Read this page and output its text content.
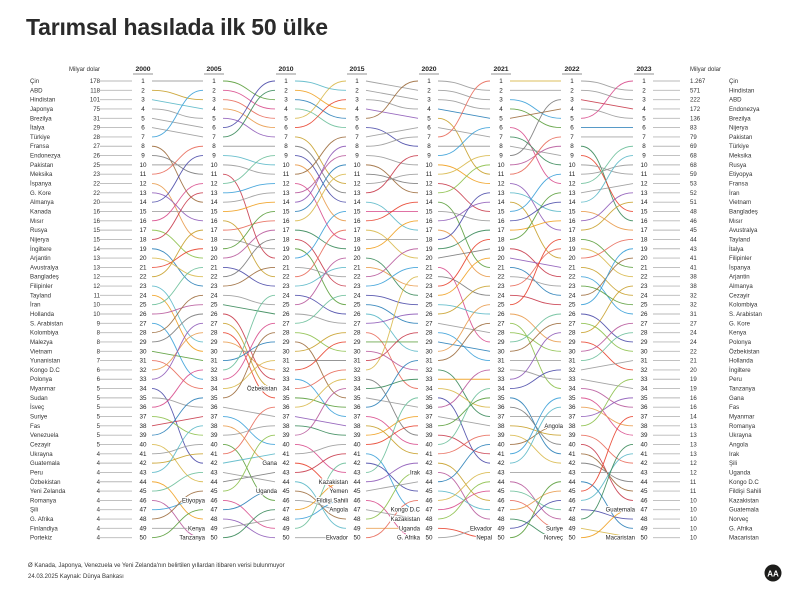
Tarımsal hasılada ilk 50 ülke
2000	2005	2010	2015	2020	2021	2022	2023
Milyar dolar	Milyar dolar
1
2
3
4
5
6
7
8
9
10
11
12
13
14
15
16
17
18
19
20
21
22
23
24
25
26
27
28
29
30
31
32
33
34
35
36
37
38
39
40
41
42
43
44
45
46
47
48
49
50
1
2
3
4
5
6
7
8
9
10
11
12
13
14
15
16
17
18
19
20
21
22
23
24
25
26
27
28
29
30
31
32
33
34
35
36
37
38
39
40
41
42
43
44
45
46
47
48
49
50
1
2
3
4
5
6
7
8
9
10
11
12
13
14
15
16
17
18
19
20
21
22
23
24
25
26
27
28
29
30
31
32
33
34
35
36
37
38
39
40
41
42
43
44
45
46
47
48
49
50
1
2
3
4
5
6
7
8
9
10
11
12
13
14
15
16
17
18
19
20
21
22
23
24
25
26
27
28
29
30
31
32
33
34
35
36
37
38
39
40
41
42
43
44
45
46
47
48
49
50
1
2
3
4
5
6
7
8
9
10
11
12
13
14
15
16
17
18
19
20
21
22
23
24
25
26
27
28
29
30
31
32
33
34
35
36
37
38
39
40
41
42
43
44
45
46
47
48
49
50
1
2
3
4
5
6
7
8
9
10
11
12
13
14
15
16
17
18
19
20
21
22
23
24
25
26
27
28
29
30
31
32
33
34
35
36
37
38
39
40
41
42
43
44
45
46
47
48
49
50
1
2
3
4
5
6
7
8
9
10
11
12
13
14
15
16
17
18
19
20
21
22
23
24
25
26
27
28
29
30
31
32
33
34
35
36
37
38
39
40
41
42
43
44
45
46
47
48
49
50
1
2
3
4
5
6
7
8
9
10
11
12
13
14
15
16
17
18
19
20
21
22
23
24
25
26
27
28
29
30
31
32
33
34
35
36
37
38
39
40
41
42
43
44
45
46
47
48
49
50
Çin	178
ABD	118
Hindistan	101
Japonya	75
Brezilya	31
İtalya	29
Türkiye	28
Fransa	27
Endonezya	26
Pakistan	25
Meksika	23
İspanya	22
G. Kore	22
Almanya	20
Kanada	16
Mısır	16
Rusya	15
Nijerya	15
İngiltere	14
Arjantin	13
Avustralya	13
Bangladeş	12
Filipinler	12
Tayland	11
İran	10
Hollanda	10
S. Arabistan	9
Kolombiya	8
Malezya	8
Vietnam	8
Yunanistan	7
Kongo D.C	6
Polonya	6
Myanmar	5
Sudan	5
İsveç	5
Suriye	5
Fas	5
Venezuela	5
Cezayir	5
Ukrayna	4
Guatemala	4
Peru	4
Özbekistan	4
Yeni Zelanda	4
Romanya	4
Şili	4
G. Afrika	4
Finlandiya	4
Portekiz	4
1.267	Çin
571	Hindistan
222	ABD
172	Endonezya
136	Brezilya
83	Nijerya
79	Pakistan
69	Türkiye
68	Meksika
68	Rusya
59	Etiyopya
53	Fransa
52	İran
51	Vietnam
48	Bangladeş
46	Mısır
45	Avustralya
44	Tayland
43	İtalya
41	Filipinler
41	İspanya
38	Arjantin
38	Almanya
32	Cezayir
32	Kolombiya
31	S. Arabistan
27	G. Kore
24	Kenya
24	Polonya
22	Özbekistan
21	Hollanda
20	İngiltere
19	Peru
19	Tanzanya
16	Gana
16	Fas
14	Myanmar
13	Romanya
13	Ukrayna
13	Angola
13	Irak
12	Şili
12	Uganda
11	Kongo D.C
11	Fildişi Sahili
10	Kazakistan
10	Guatemala
10	Norveç
10	G. Afrika
10	Macaristan
Etiyopya
Kenya
Tanzanya
Özbekistan
Gana
Uganda
Kazakistan
Yemen
Fildişi Sahili
Angola
Ekvador
Irak
Kongo D.C
Kazakistan
Uganda
G. Afrika
Ekvador
Nepal
Angola
Suriye
Norveç
Guatemala
Macaristan
Ø Kanada, Japonya, Venezuela ve Yeni Zelanda'nın belirtilen yıllardan itibaren verisi bulunmuyor
24.03.2025 Kaynak: Dünya Bankası	AA
